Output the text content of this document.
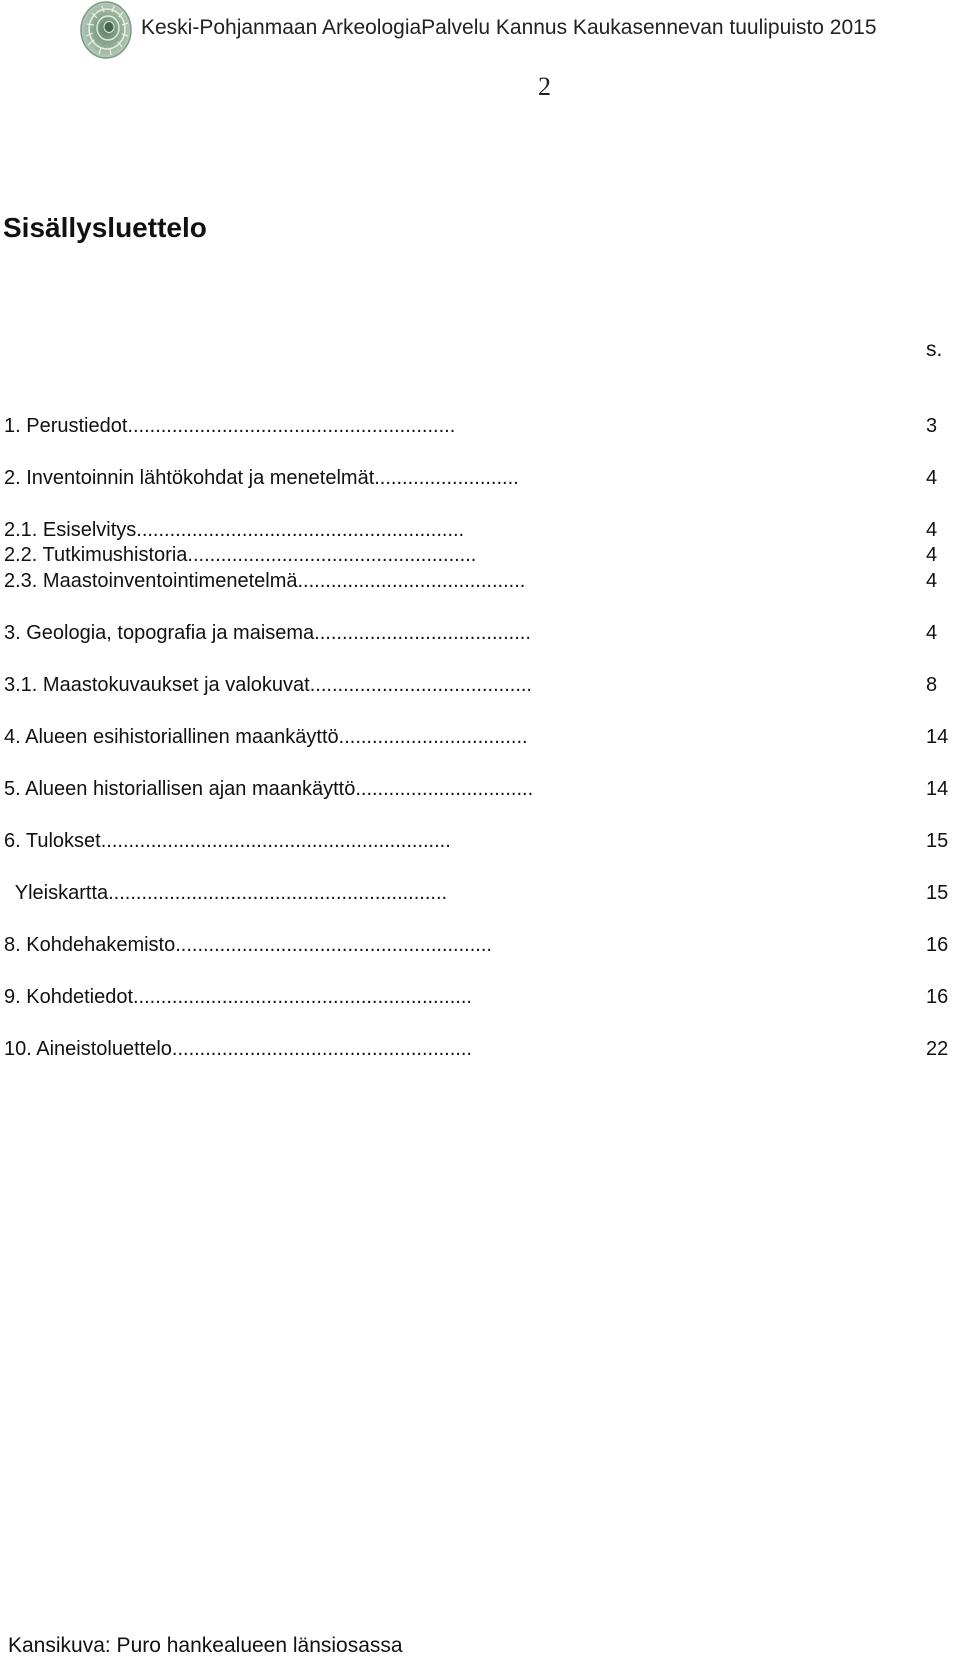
Keski-Pohjanmaan ArkeologiaPalvelu Kannus Kaukasennevan tuulipuisto 2015
2
Sisällysluettelo
s.
1. Perustiedot...........................................................	3
2. Inventoinnin lähtökohdat ja menetelmät..........................	4
2.1. Esiselvitys...........................................................	4
2.2. Tutkimushistoria....................................................	4
2.3. Maastoinventointimenetelmä.........................................	4
3. Geologia, topografia ja maisema.......................................	4
3.1. Maastokuvaukset ja valokuvat........................................	8
4. Alueen esihistoriallinen maankäyttö..................................	14
5. Alueen historiallisen ajan maankäyttö................................	14
6. Tulokset...............................................................	15
Yleiskartta.............................................................	15
8. Kohdehakemisto.........................................................	16
9. Kohdetiedot.............................................................	16
10. Aineistoluettelo......................................................	22
Kansikuva: Puro hankealueen länsiosassa
